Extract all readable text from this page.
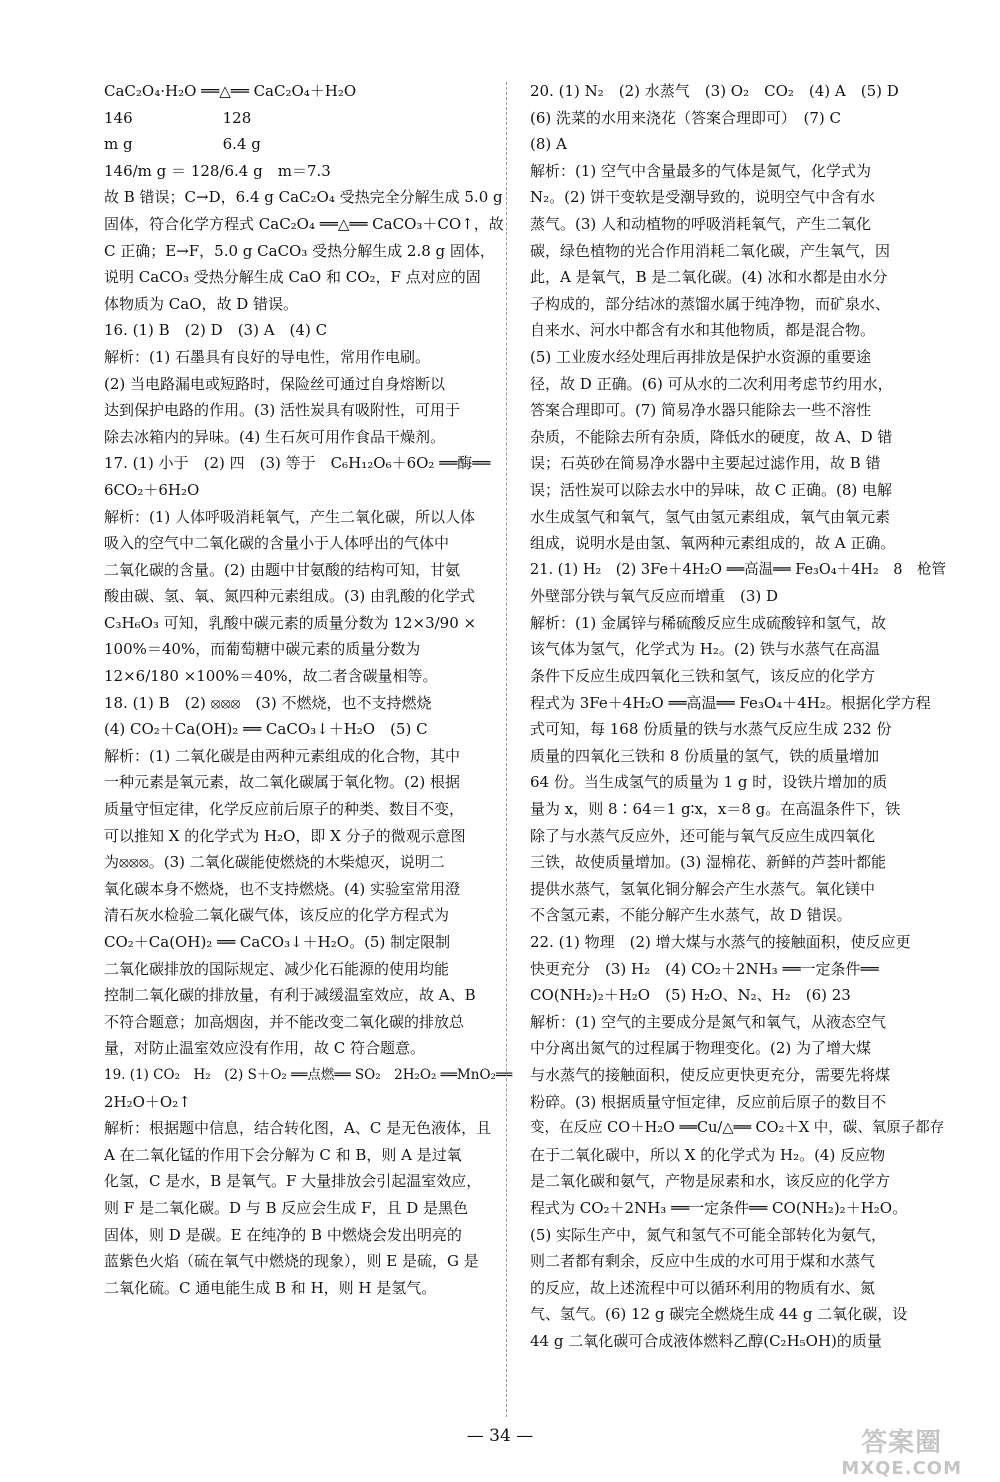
CaC₂O₄·H₂O ══△══ CaC₂O₄＋H₂O
146　　　　　　128
m g　　　　　　6.4 g
146/m g ＝ 128/6.4 g　m＝7.3
故 B 错误；C→D，6.4 g CaC₂O₄ 受热完全分解生成 5.0 g
固体，符合化学方程式 CaC₂O₄ ══△══ CaCO₃＋CO↑，故
C 正确；E→F，5.0 g CaCO₃ 受热分解生成 2.8 g 固体，
说明 CaCO₃ 受热分解生成 CaO 和 CO₂，F 点对应的固
体物质为 CaO，故 D 错误。
16. (1) B　(2) D　(3) A　(4) C
解析：(1) 石墨具有良好的导电性，常用作电刷。
(2) 当电路漏电或短路时，保险丝可通过自身熔断以
达到保护电路的作用。(3) 活性炭具有吸附性，可用于
除去冰箱内的异味。(4) 生石灰可用作食品干燥剂。
17. (1) 小于　(2) 四　(3) 等于　C₆H₁₂O₆＋6O₂ ══酶══
6CO₂＋6H₂O
解析：(1) 人体呼吸消耗氧气，产生二氧化碳，所以人体
吸入的空气中二氧化碳的含量小于人体呼出的气体中
二氧化碳的含量。(2) 由题中甘氨酸的结构可知，甘氨
酸由碳、氢、氧、氮四种元素组成。(3) 由乳酸的化学式
C₃H₆O₃ 可知，乳酸中碳元素的质量分数为 12×3/90 ×
100%＝40%，而葡萄糖中碳元素的质量分数为
12×6/180 ×100%＝40%，故二者含碳量相等。
18. (1) B　(2) ⦻⦻⦻　(3) 不燃烧，也不支持燃烧
(4) CO₂＋Ca(OH)₂ ══ CaCO₃↓＋H₂O　(5) C
解析：(1) 二氧化碳是由两种元素组成的化合物，其中
一种元素是氧元素，故二氧化碳属于氧化物。(2) 根据
质量守恒定律，化学反应前后原子的种类、数目不变，
可以推知 X 的化学式为 H₂O，即 X 分子的微观示意图
为⦻⦻⦻。(3) 二氧化碳能使燃烧的木柴熄灭，说明二
氧化碳本身不燃烧，也不支持燃烧。(4) 实验室常用澄
清石灰水检验二氧化碳气体，该反应的化学方程式为
CO₂＋Ca(OH)₂ ══ CaCO₃↓＋H₂O。(5) 制定限制
二氧化碳排放的国际规定、减少化石能源的使用均能
控制二氧化碳的排放量，有利于减缓温室效应，故 A、B
不符合题意；加高烟囱，并不能改变二氧化碳的排放总
量，对防止温室效应没有作用，故 C 符合题意。
19. (1) CO₂　H₂　(2) S＋O₂ ══点燃══ SO₂　2H₂O₂ ══MnO₂══
2H₂O＋O₂↑
解析：根据题中信息，结合转化图，A、C 是无色液体，且
A 在二氧化锰的作用下会分解为 C 和 B，则 A 是过氧
化氢，C 是水，B 是氧气。F 大量排放会引起温室效应，
则 F 是二氧化碳。D 与 B 反应会生成 F，且 D 是黑色
固体，则 D 是碳。E 在纯净的 B 中燃烧会发出明亮的
蓝紫色火焰（硫在氧气中燃烧的现象），则 E 是硫，G 是
二氧化硫。C 通电能生成 B 和 H，则 H 是氢气。
20. (1) N₂　(2) 水蒸气　(3) O₂　CO₂　(4) A　(5) D
(6) 洗菜的水用来浇花（答案合理即可）　(7) C
(8) A
解析：(1) 空气中含量最多的气体是氮气，化学式为
N₂。(2) 饼干变软是受潮导致的，说明空气中含有水
蒸气。(3) 人和动植物的呼吸消耗氧气，产生二氧化
碳，绿色植物的光合作用消耗二氧化碳，产生氧气，因
此，A 是氧气，B 是二氧化碳。(4) 冰和水都是由水分
子构成的，部分结冰的蒸馏水属于纯净物，而矿泉水、
自来水、河水中都含有水和其他物质，都是混合物。
(5) 工业废水经处理后再排放是保护水资源的重要途
径，故 D 正确。(6) 可从水的二次利用考虑节约用水，
答案合理即可。(7) 简易净水器只能除去一些不溶性
杂质，不能除去所有杂质，降低水的硬度，故 A、D 错
误；石英砂在简易净水器中主要起过滤作用，故 B 错
误；活性炭可以除去水中的异味，故 C 正确。(8) 电解
水生成氢气和氧气，氢气由氢元素组成，氧气由氧元素
组成，说明水是由氢、氧两种元素组成的，故 A 正确。
21. (1) H₂　(2) 3Fe＋4H₂O ══高温══ Fe₃O₄＋4H₂　8　枪管
外壁部分铁与氧气反应而增重　(3) D
解析：(1) 金属锌与稀硫酸反应生成硫酸锌和氢气，故
该气体为氢气，化学式为 H₂。(2) 铁与水蒸气在高温
条件下反应生成四氧化三铁和氢气，该反应的化学方
程式为 3Fe＋4H₂O ══高温══ Fe₃O₄＋4H₂。根据化学方程
式可知，每 168 份质量的铁与水蒸气反应生成 232 份
质量的四氧化三铁和 8 份质量的氢气，铁的质量增加
64 份。当生成氢气的质量为 1 g 时，设铁片增加的质
量为 x，则 8∶64＝1 g∶x，x＝8 g。在高温条件下，铁
除了与水蒸气反应外，还可能与氧气反应生成四氧化
三铁，故使质量增加。(3) 湿棉花、新鲜的芦荟叶都能
提供水蒸气，氢氧化铜分解会产生水蒸气。氧化镁中
不含氢元素，不能分解产生水蒸气，故 D 错误。
22. (1) 物理　(2) 增大煤与水蒸气的接触面积，使反应更
快更充分　(3) H₂　(4) CO₂＋2NH₃ ══一定条件══
CO(NH₂)₂＋H₂O　(5) H₂O、N₂、H₂　(6) 23
解析：(1) 空气的主要成分是氮气和氧气，从液态空气
中分离出氮气的过程属于物理变化。(2) 为了增大煤
与水蒸气的接触面积，使反应更快更充分，需要先将煤
粉碎。(3) 根据质量守恒定律，反应前后原子的数目不
变，在反应 CO＋H₂O ══Cu/△══ CO₂＋X 中，碳、氧原子都存
在于二氧化碳中，所以 X 的化学式为 H₂。(4) 反应物
是二氧化碳和氨气，产物是尿素和水，该反应的化学方
程式为 CO₂＋2NH₃ ══一定条件══ CO(NH₂)₂＋H₂O。
(5) 实际生产中，氮气和氢气不可能全部转化为氨气，
则二者都有剩余，反应中生成的水可用于煤和水蒸气
的反应，故上述流程中可以循环利用的物质有水、氮
气、氢气。(6) 12 g 碳完全燃烧生成 44 g 二氧化碳，设
44 g 二氧化碳可合成液体燃料乙醇(C₂H₅OH)的质量
— 34 —	答案圈
MXQE.COM
